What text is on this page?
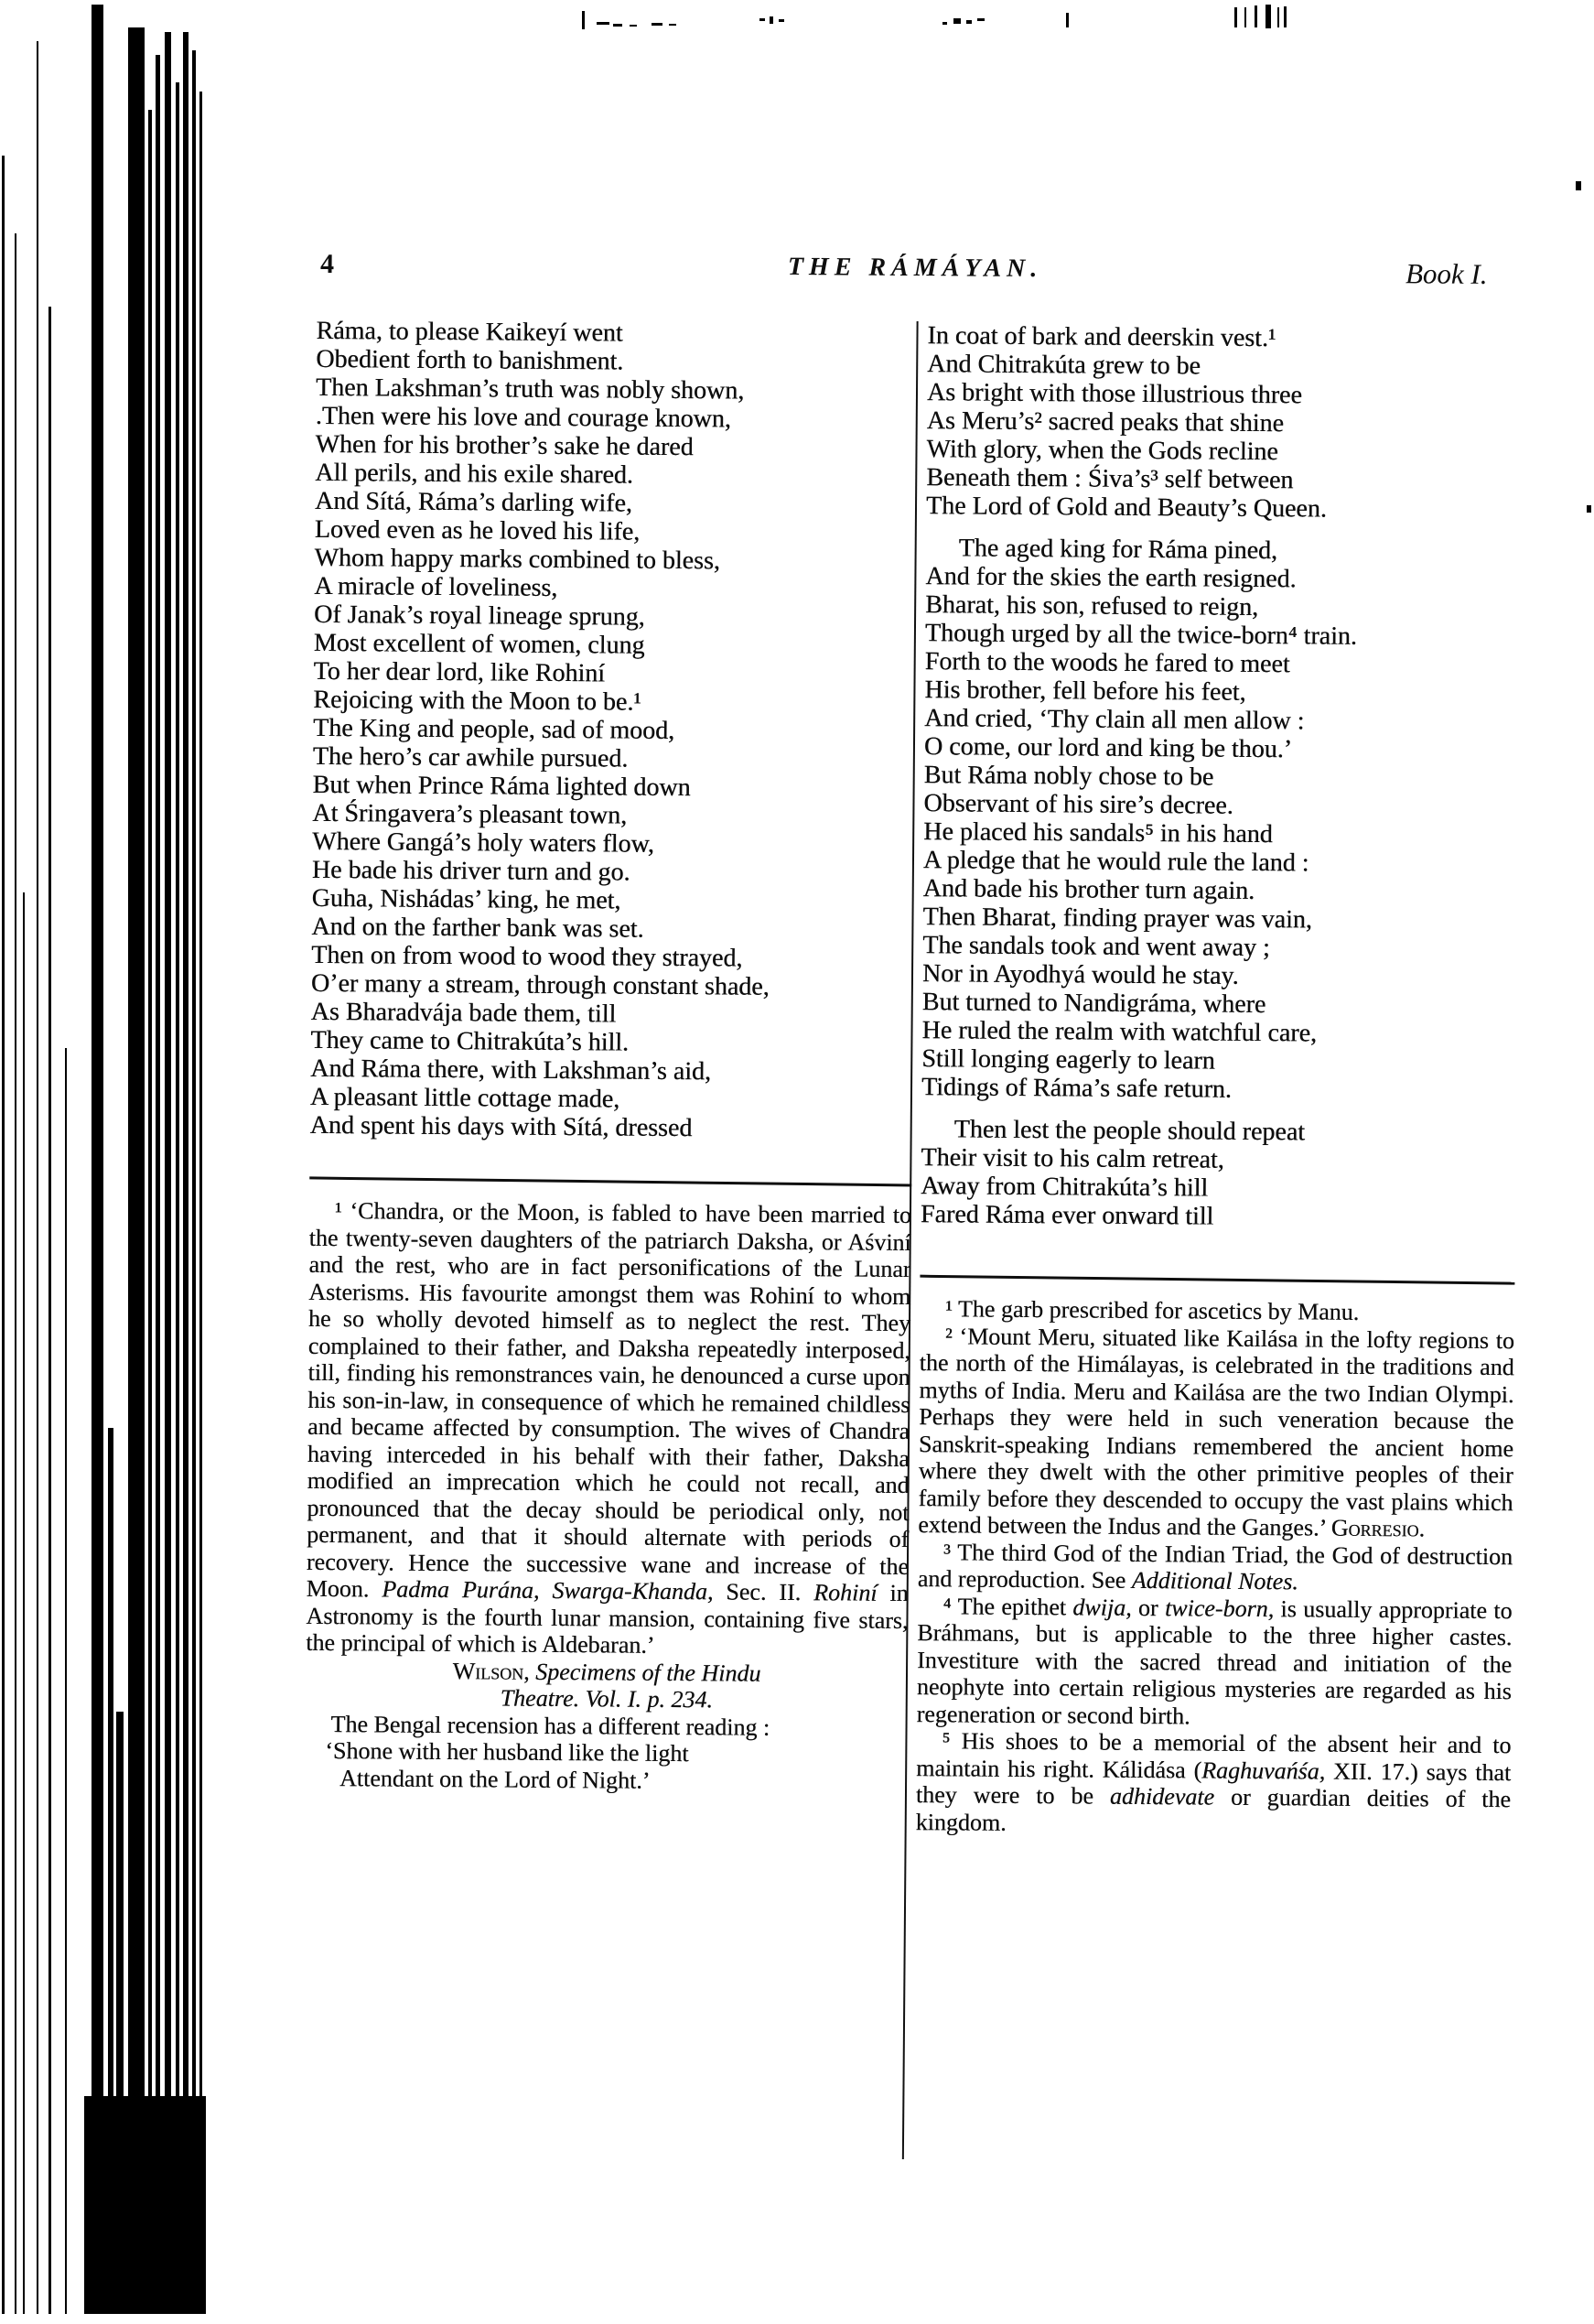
4	THE RÁMÁYAN.	Book I.
Ráma, to please Kaikeyí went
Obedient forth to banishment.
Then Lakshman’s truth was nobly shown,
.Then were his love and courage known,
When for his brother’s sake he dared
All perils, and his exile shared.
And Sítá, Ráma’s darling wife,
Loved even as he loved his life,
Whom happy marks combined to bless,
A miracle of loveliness,
Of Janak’s royal lineage sprung,
Most excellent of women, clung
To her dear lord, like Rohiní
Rejoicing with the Moon to be.¹
The King and people, sad of mood,
The hero’s car awhile pursued.
But when Prince Ráma lighted down
At Śringavera’s pleasant town,
Where Gangá’s holy waters flow,
He bade his driver turn and go.
Guha, Nishádas’ king, he met,
And on the farther bank was set.
Then on from wood to wood they strayed,
O’er many a stream, through constant shade,
As Bharadvája bade them, till
They came to Chitrakúta’s hill.
And Ráma there, with Lakshman’s aid,
A pleasant little cottage made,
And spent his days with Sítá, dressed

¹ ‘Chandra, or the Moon, is fabled to have been married to the twenty-seven daughters of the patriarch Daksha, or Aśviní and the rest, who are in fact personifications of the Lunar Asterisms. His favourite amongst them was Rohiní to whom he so wholly devoted himself as to neglect the rest. They complained to their father, and Daksha repeatedly interposed, till, finding his remonstrances vain, he denounced a curse upon his son-in-law, in consequence of which he remained childless and became affected by consumption. The wives of Chandra having interceded in his behalf with their father, Daksha modified an imprecation which he could not recall, and pronounced that the decay should be periodical only, not permanent, and that it should alternate with periods of recovery. Hence the successive wane and increase of the Moon. Padma Purána, Swarga-Khanda, Sec. II. Rohiní in Astronomy is the fourth lunar mansion, containing five stars, the principal of which is Aldebaran.’

Wilson, Specimens of the Hindu

Theatre. Vol. I. p. 234.

The Bengal recension has a different reading :

‘Shone with her husband like the light

Attendant on the Lord of Night.’

In coat of bark and deerskin vest.¹
And Chitrakúta grew to be
As bright with those illustrious three
As Meru’s² sacred peaks that shine
With glory, when the Gods recline
Beneath them : Śiva’s³ self between
The Lord of Gold and Beauty’s Queen.
The aged king for Ráma pined,
And for the skies the earth resigned.
Bharat, his son, refused to reign,
Though urged by all the twice-born⁴ train.
Forth to the woods he fared to meet
His brother, fell before his feet,
And cried, ‘Thy clain all men allow :
O come, our lord and king be thou.’
But Ráma nobly chose to be
Observant of his sire’s decree.
He placed his sandals⁵ in his hand
A pledge that he would rule the land :
And bade his brother turn again.
Then Bharat, finding prayer was vain,
The sandals took and went away ;
Nor in Ayodhyá would he stay.
But turned to Nandigráma, where
He ruled the realm with watchful care,
Still longing eagerly to learn
Tidings of Ráma’s safe return.
Then lest the people should repeat
Their visit to his calm retreat,
Away from Chitrakúta’s hill
Fared Ráma ever onward till

¹ The garb prescribed for ascetics by Manu.

² ‘Mount Meru, situated like Kailása in the lofty regions to the north of the Himálayas, is celebrated in the traditions and myths of India. Meru and Kailása are the two Indian Olympi. Perhaps they were held in such veneration because the Sanskrit-speaking Indians remembered the ancient home where they dwelt with the other primitive peoples of their family before they descended to occupy the vast plains which extend between the Indus and the Ganges.’ Gorresio.

³ The third God of the Indian Triad, the God of destruction and reproduction. See Additional Notes.

⁴ The epithet dwija, or twice-born, is usually appropriate to Bráhmans, but is applicable to the three higher castes. Investiture with the sacred thread and initiation of the neophyte into certain religious mysteries are regarded as his regeneration or second birth.

⁵ His shoes to be a memorial of the absent heir and to maintain his right. Kálidása (Raghuvańśa, XII. 17.) says that they were to be adhidevate or guardian deities of the kingdom.
